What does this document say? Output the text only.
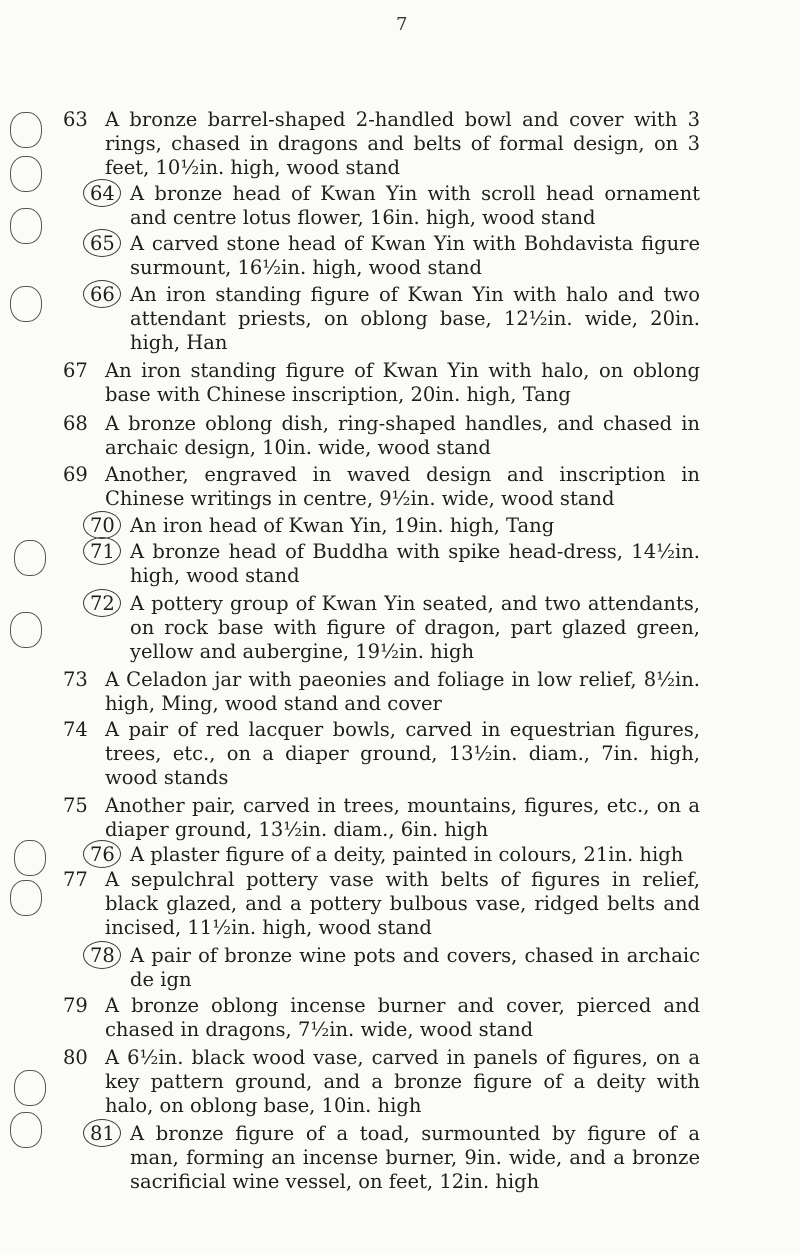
7
63 A bronze barrel-shaped 2-handled bowl and cover with 3 rings, chased in dragons and belts of formal design, on 3 feet, 10½in. high, wood stand
64 A bronze head of Kwan Yin with scroll head ornament and centre lotus flower, 16in. high, wood stand
65 A carved stone head of Kwan Yin with Bohdavista figure surmount, 16½in. high, wood stand
66 An iron standing figure of Kwan Yin with halo and two attendant priests, on oblong base, 12½in. wide, 20in. high, Han
67 An iron standing figure of Kwan Yin with halo, on oblong base with Chinese inscription, 20in. high, Tang
68 A bronze oblong dish, ring-shaped handles, and chased in archaic design, 10in. wide, wood stand
69 Another, engraved in waved design and inscription in Chinese writings in centre, 9½in. wide, wood stand
70 An iron head of Kwan Yin, 19in. high, Tang
71 A bronze head of Buddha with spike head-dress, 14½in. high, wood stand
72 A pottery group of Kwan Yin seated, and two attendants, on rock base with figure of dragon, part glazed green, yellow and aubergine, 19½in. high
73 A Celadon jar with paeonies and foliage in low relief, 8½in. high, Ming, wood stand and cover
74 A pair of red lacquer bowls, carved in equestrian figures, trees, etc., on a diaper ground, 13½in. diam., 7in. high, wood stands
75 Another pair, carved in trees, mountains, figures, etc., on a diaper ground, 13½in. diam., 6in. high
76 A plaster figure of a deity, painted in colours, 21in. high
77 A sepulchral pottery vase with belts of figures in relief, black glazed, and a pottery bulbous vase, ridged belts and incised, 11½in. high, wood stand
78 A pair of bronze wine pots and covers, chased in archaic de ign
79 A bronze oblong incense burner and cover, pierced and chased in dragons, 7½in. wide, wood stand
80 A 6½in. black wood vase, carved in panels of figures, on a key pattern ground, and a bronze figure of a deity with halo, on oblong base, 10in. high
81 A bronze figure of a toad, surmounted by figure of a man, forming an incense burner, 9in. wide, and a bronze sacrificial wine vessel, on feet, 12in. high
